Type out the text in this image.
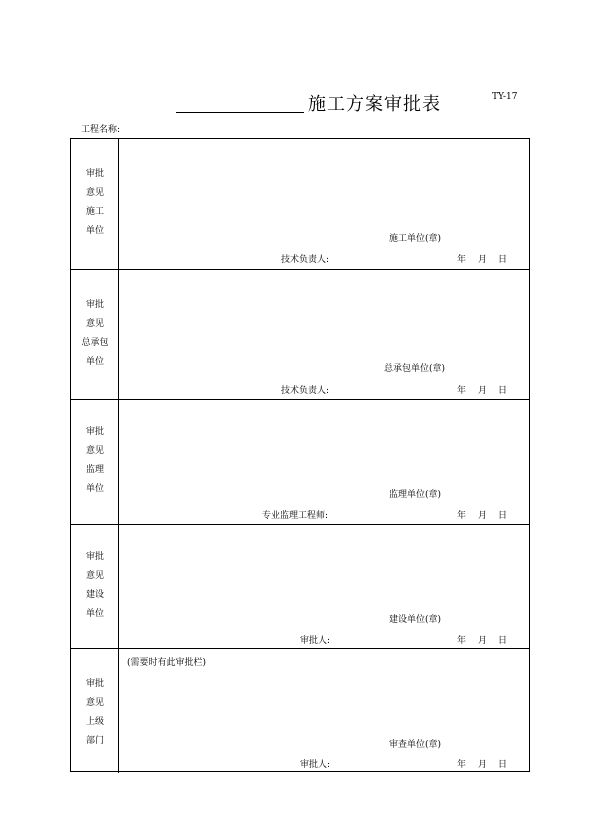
施工方案审批表	TY-17
工程名称:
审批
意见
施工
单位
施工单位(章)
技术负责人:	年 月 日
审批
意见
总承包
单位
总承包单位(章)
技术负责人:	年 月 日
审批
意见
监理
单位
监理单位(章)
专业监理工程师:	年 月 日
审批
意见
建设
单位
建设单位(章)
审批人:	年 月 日
审批
意见
上级
部门
(需要时有此审批栏)
审查单位(章)
审批人:	年 月 日
